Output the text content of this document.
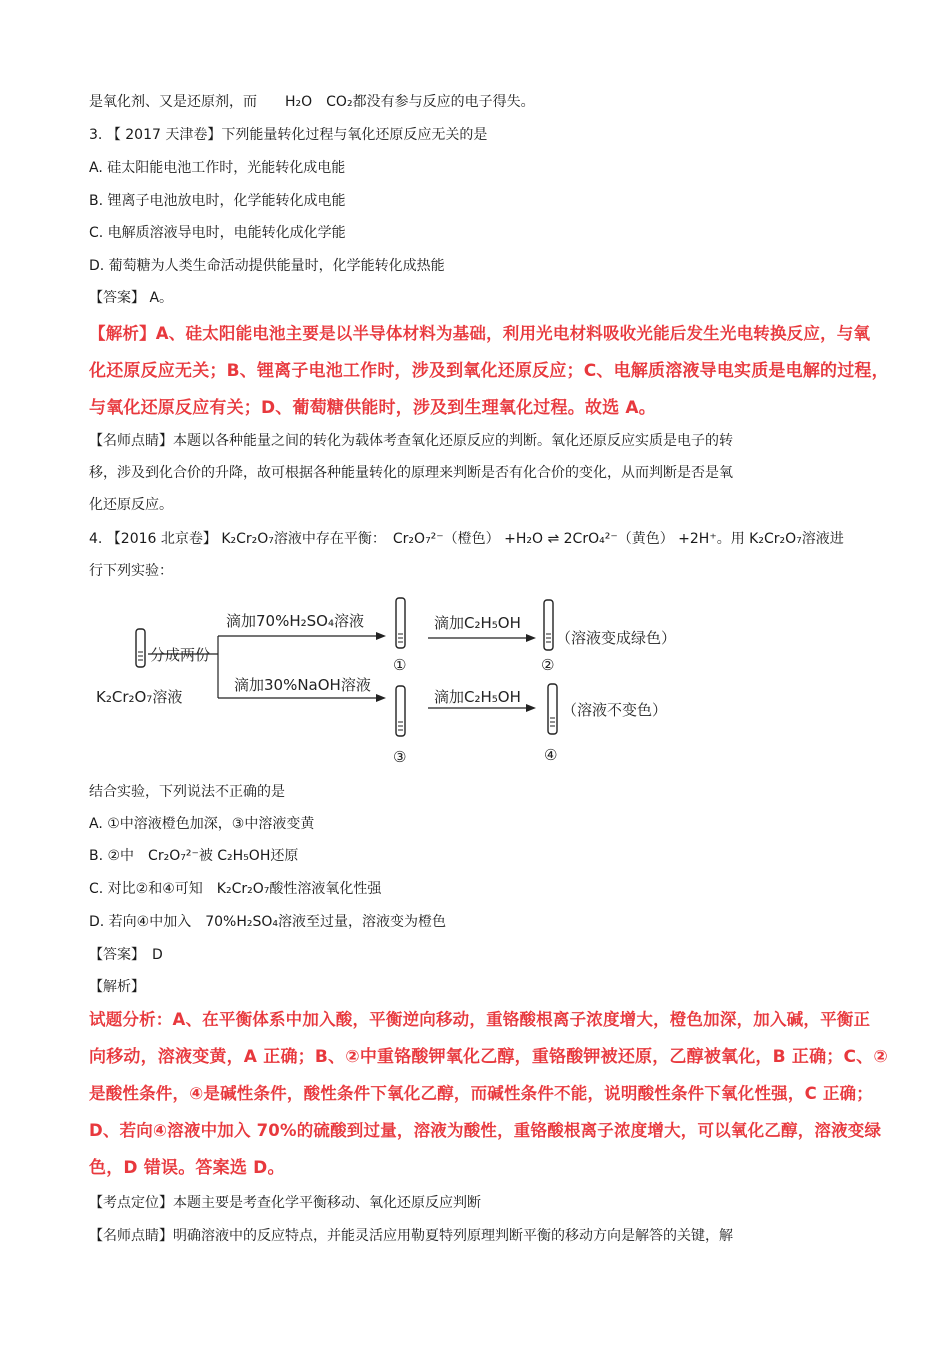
是氧化剂、又是还原剂，而　　H₂O　CO₂都没有参与反应的电子得失。
3. 【 2017 天津卷】下列能量转化过程与氧化还原反应无关的是
A. 硅太阳能电池工作时，光能转化成电能
B. 锂离子电池放电时，化学能转化成电能
C. 电解质溶液导电时，电能转化成化学能
D. 葡萄糖为人类生命活动提供能量时，化学能转化成热能
【答案】 A。
【解析】A、硅太阳能电池主要是以半导体材料为基础，利用光电材料吸收光能后发生光电转换反应，与氧
化还原反应无关；B、锂离子电池工作时，涉及到氧化还原反应；C、电解质溶液导电实质是电解的过程，
与氧化还原反应有关；D、葡萄糖供能时，涉及到生理氧化过程。故选 A。
【名师点睛】本题以各种能量之间的转化为载体考查氧化还原反应的判断。氧化还原反应实质是电子的转
移，涉及到化合价的升降，故可根据各种能量转化的原理来判断是否有化合价的变化，从而判断是否是氧
化还原反应。
4. 【2016 北京卷】 K₂Cr₂O₇溶液中存在平衡：　Cr₂O₇²⁻（橙色） +H₂O ⇌ 2CrO₄²⁻（黄色） +2H⁺。用 K₂Cr₂O₇溶液进
行下列实验：
K₂Cr₂O₇溶液
分成两份
滴加70%H₂SO₄溶液
滴加30%NaOH溶液
①
③
滴加C₂H₅OH
滴加C₂H₅OH
②
（溶液变成绿色）
④
（溶液不变色）
结合实验，下列说法不正确的是
A. ①中溶液橙色加深，③中溶液变黄
B. ②中　Cr₂O₇²⁻被 C₂H₅OH还原
C. 对比②和④可知　K₂Cr₂O₇酸性溶液氧化性强
D. 若向④中加入　70%H₂SO₄溶液至过量，溶液变为橙色
【答案】　D
【解析】
试题分析：A、在平衡体系中加入酸，平衡逆向移动，重铬酸根离子浓度增大，橙色加深，加入碱，平衡正
向移动，溶液变黄，A 正确；B、②中重铬酸钾氧化乙醇，重铬酸钾被还原，乙醇被氧化，B 正确；C、②
是酸性条件，④是碱性条件，酸性条件下氧化乙醇，而碱性条件不能，说明酸性条件下氧化性强，C 正确；
D、若向④溶液中加入 70%的硫酸到过量，溶液为酸性，重铬酸根离子浓度增大，可以氧化乙醇，溶液变绿
色，D 错误。答案选 D。
【考点定位】本题主要是考查化学平衡移动、氧化还原反应判断
【名师点睛】明确溶液中的反应特点，并能灵活应用勒夏特列原理判断平衡的移动方向是解答的关键，解
